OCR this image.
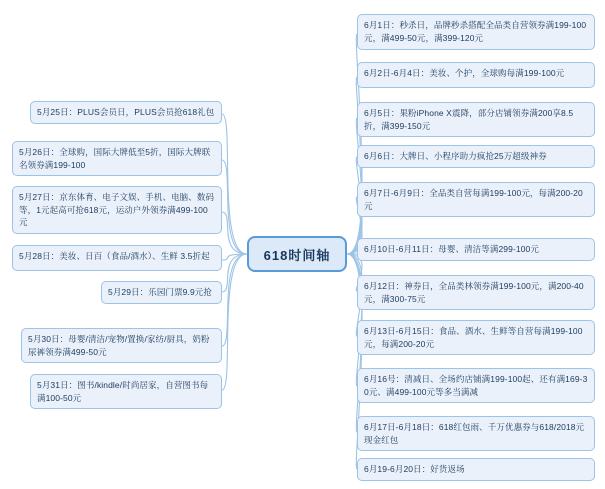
618时间轴
5月25日：PLUS会员日，PLUS会员抢618礼包
5月26日：全球购，国际大牌低至5折，国际大牌联名领券满199-100
5月27日：京东体育、电子文娱、手机、电脑、数码等，1元起高可抢618元，运动户外领券满499-100元
5月28日：美妆、日百（食品/酒水）、生鲜 3.5折起
5月29日：乐园门票9.9元抢
5月30日：母婴/清洁/宠物/置换/家纺/厨具，奶粉尿裤领券满499-50元
5月31日：图书/kindle/时尚居家，自营图书每满100-50元
6月1日：秒杀日，品牌秒杀搭配全品类自营领券满199-100元，满499-50元，满399-120元
6月2日-6月4日：美妆、个护，全球购每满199-100元
6月5日：果粉iPhone X震降，部分店铺领券满200享8.5折，满399-150元
6月6日：大牌日、小程序助力疯抢25万超级神券
6月7日-6月9日：全品类自营每满199-100元，每满200-20元
6月10日-6月11日：母婴、清洁等满299-100元
6月12日：神券日，全品类林领券满199-100元，满200-40元，满300-75元
6月13日-6月15日：食品、酒水、生鲜等自营每满199-100元，每满200-20元
6月16号：清减日、全场约店铺满199-100起、还有满169-30元、满499-100元等多当满减
6月17日-6月18日：618红包雨、千万优惠券与618/2018元现金红包
6月19-6月20日：好货返场
